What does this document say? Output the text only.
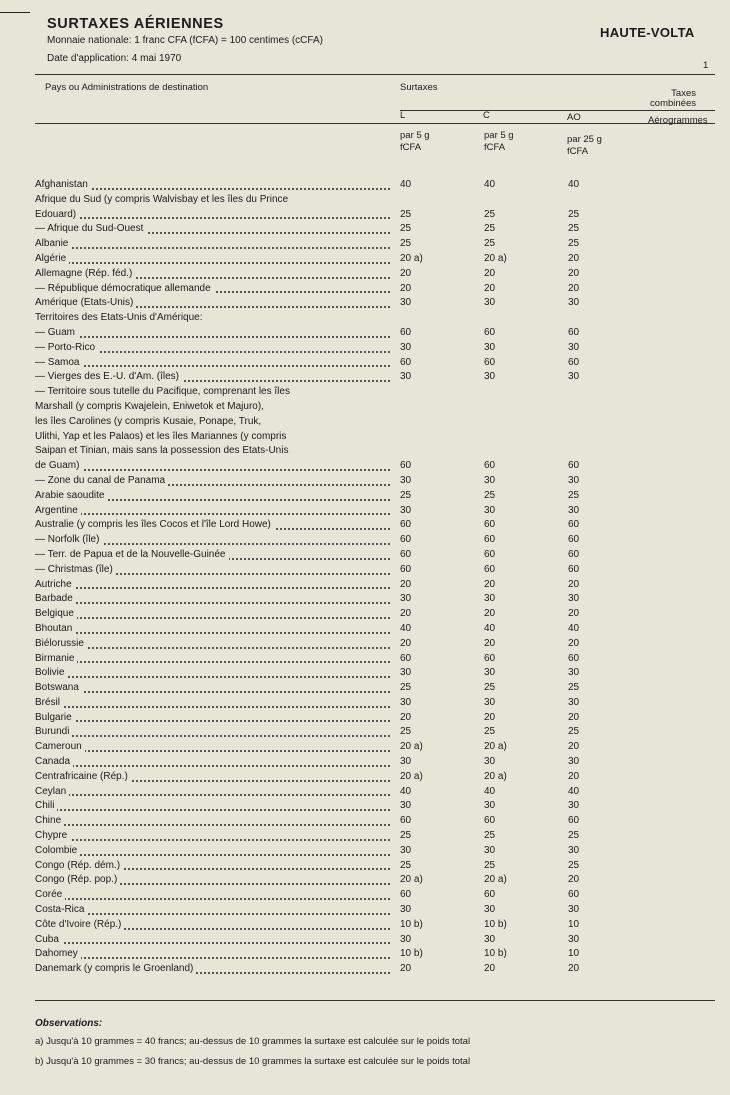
SURTAXES AÉRIENNES
Monnaie nationale: 1 franc CFA (fCFA) = 100 centimes (cCFA)
Date d'application: 4 mai 1970
HAUTE-VOLTA
1
Pays ou Administrations de destination	Surtaxes
Taxes
combinées
L	C	AO	Aérogrammes
par 5 g
fCFA
par 5 g
fCFA
par 25 g
fCFA
Afghanistan	40	40	40
Afrique du Sud (y compris Walvisbay et les îles du Prince
Edouard)	25	25	25
— Afrique du Sud-Ouest	25	25	25
Albanie	25	25	25
Algérie	20 a)	20 a)	20
Allemagne (Rép. féd.)	20	20	20
— République démocratique allemande	20	20	20
Amérique (Etats-Unis)	30	30	30
Territoires des Etats-Unis d'Amérique:
— Guam	60	60	60
— Porto-Rico	30	30	30
— Samoa	60	60	60
— Vierges des E.-U. d'Am. (îles)	30	30	30
— Territoire sous tutelle du Pacifique, comprenant les îles
Marshall (y compris Kwajelein, Eniwetok et Majuro),
les îles Carolines (y compris Kusaie, Ponape, Truk,
Ulithi, Yap et les Palaos) et les îles Mariannes (y compris
Saipan et Tinian, mais sans la possession des Etats-Unis
de Guam)	60	60	60
— Zone du canal de Panama	30	30	30
Arabie saoudite	25	25	25
Argentine	30	30	30
Australie (y compris les îles Cocos et l'île Lord Howe)	60	60	60
— Norfolk (île)	60	60	60
— Terr. de Papua et de la Nouvelle-Guinée	60	60	60
— Christmas (île)	60	60	60
Autriche	20	20	20
Barbade	30	30	30
Belgique	20	20	20
Bhoutan	40	40	40
Biélorussie	20	20	20
Birmanie	60	60	60
Bolivie	30	30	30
Botswana	25	25	25
Brésil	30	30	30
Bulgarie	20	20	20
Burundi	25	25	25
Cameroun	20 a)	20 a)	20
Canada	30	30	30
Centrafricaine (Rép.)	20 a)	20 a)	20
Ceylan	40	40	40
Chili	30	30	30
Chine	60	60	60
Chypre	25	25	25
Colombie	30	30	30
Congo (Rép. dém.)	25	25	25
Congo (Rép. pop.)	20 a)	20 a)	20
Corée	60	60	60
Costa-Rica	30	30	30
Côte d'Ivoire (Rép.)	10 b)	10 b)	10
Cuba	30	30	30
Dahomey	10 b)	10 b)	10
Danemark (y compris le Groenland)	20	20	20
Observations:
a) Jusqu'à 10 grammes = 40 francs; au-dessus de 10 grammes la surtaxe est calculée sur le poids total
b) Jusqu'à 10 grammes = 30 francs; au-dessus de 10 grammes la surtaxe est calculée sur le poids total
